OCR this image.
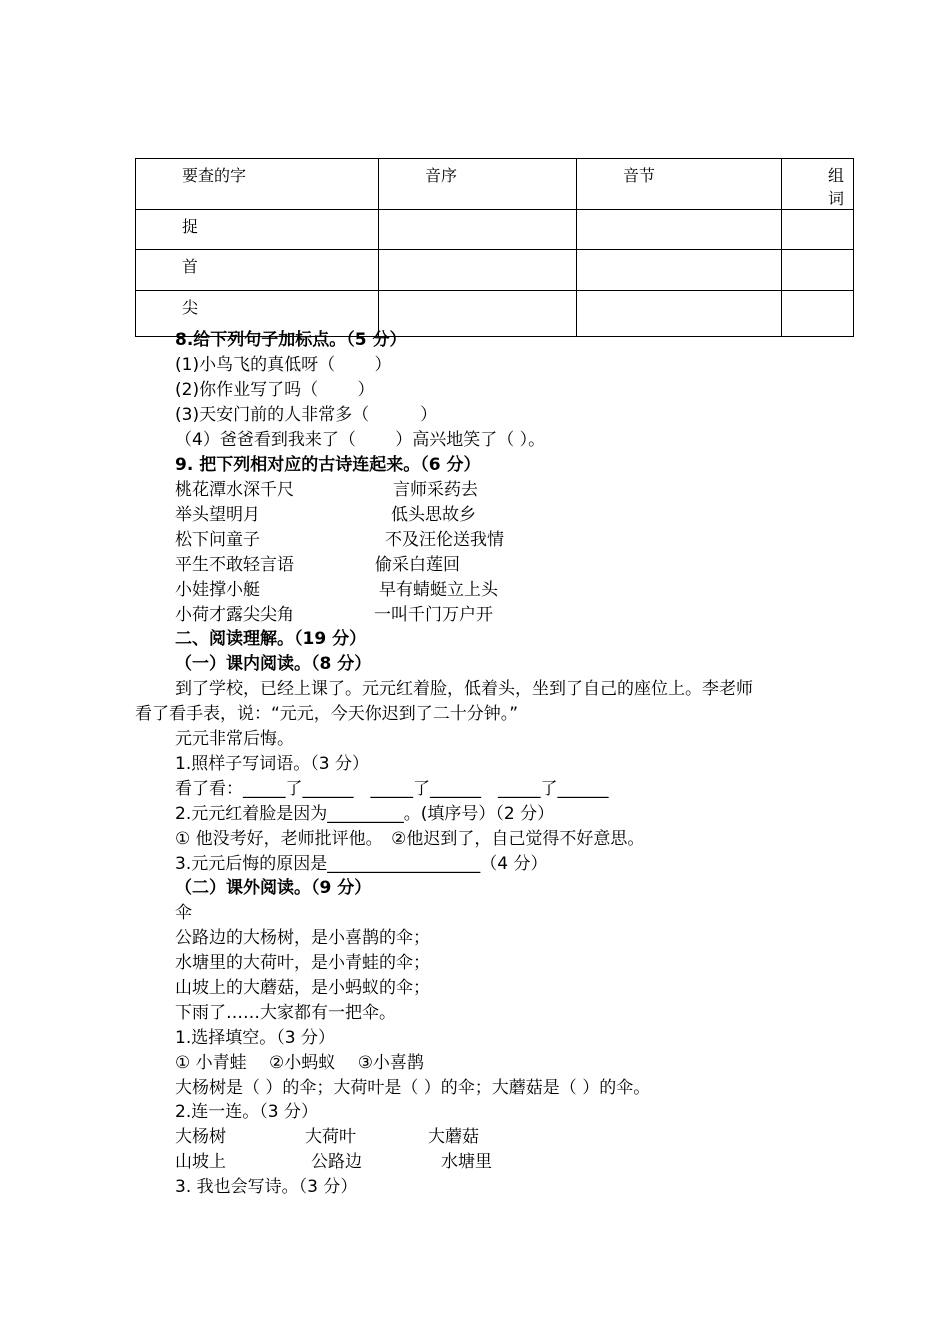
要查的字	音序	音节	组词
捉			
首			
尖			
8.给下列句子加标点。（5 分）
(1)小鸟飞的真低呀（　　 ）
(2)你作业写了吗（　　 ）
(3)天安门前的人非常多（　　　）
（4）爸爸看到我来了（　　 ）高兴地笑了（ ）。
9. 把下列相对应的古诗连起来。（6 分）
桃花潭水深千尺	言师采药去
举头望明月	低头思故乡
松下问童子	不及汪伦送我情
平生不敢轻言语	偷采白莲回
小娃撑小艇	早有蜻蜓立上头
小荷才露尖尖角	一叫千门万户开
二、阅读理解。（19 分）
（一）课内阅读。（8 分）
到了学校，已经上课了。元元红着脸，低着头，坐到了自己的座位上。李老师
看了看手表，说：“元元，今天你迟到了二十分钟。”
元元非常后悔。
1.照样子写词语。（3 分）
看了看：_____了______　_____了______　_____了______
2.元元红着脸是因为_________。(填序号）（2 分）
① 他没考好，老师批评他。　②他迟到了，自己觉得不好意思。
3.元元后悔的原因是__________________（4 分）
（二）课外阅读。（9 分）
伞
公路边的大杨树，是小喜鹊的伞；
水塘里的大荷叶，是小青蛙的伞；
山坡上的大蘑菇，是小蚂蚁的伞；
下雨了……大家都有一把伞。
1.选择填空。（3 分）
① 小青蛙　 ②小蚂蚁　 ③小喜鹊
大杨树是（ ）的伞；大荷叶是（ ）的伞；大蘑菇是（ ）的伞。
2.连一连。（3 分）
大杨树	大荷叶	大蘑菇
山坡上	公路边	水塘里
3. 我也会写诗。（3 分）
